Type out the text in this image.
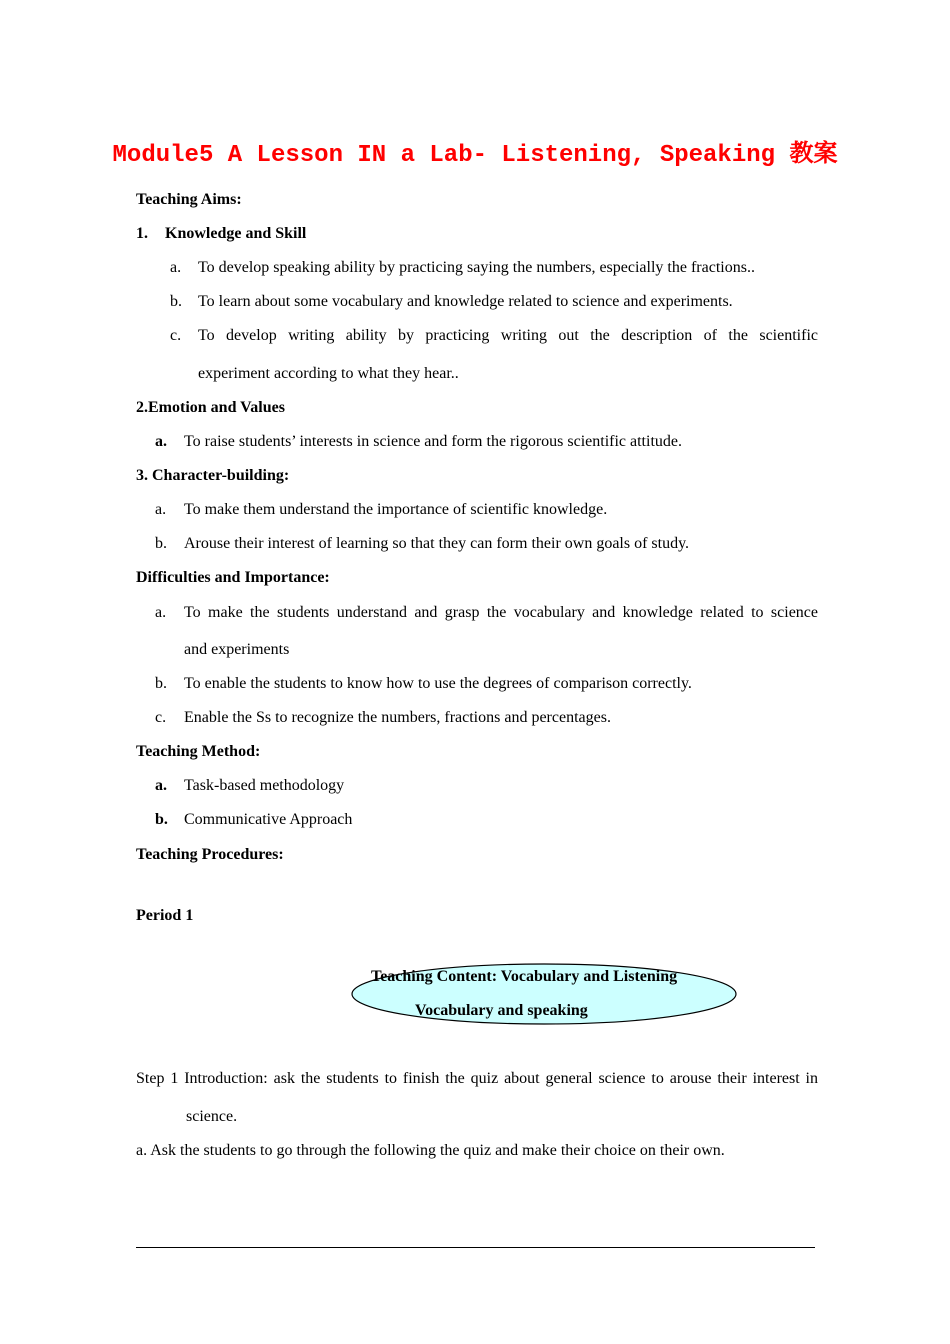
Module5 A Lesson IN a Lab- Listening, Speaking 教案
Teaching Aims:
1. Knowledge and Skill
a. To develop speaking ability by practicing saying the numbers, especially the fractions..
b. To learn about some vocabulary and knowledge related to science and experiments.
c. To develop writing ability by practicing writing out the description of the scientific
experiment according to what they hear..
2.Emotion and Values
a. To raise students’ interests in science and form the rigorous scientific attitude.
3. Character-building:
a. To make them understand the importance of scientific knowledge.
b. Arouse their interest of learning so that they can form their own goals of study.
Difficulties and Importance:
a. To make the students understand and grasp the vocabulary and knowledge related to science
and experiments
b. To enable the students to know how to use the degrees of comparison correctly.
c. Enable the Ss to recognize the numbers, fractions and percentages.
Teaching Method:
a. Task-based methodology
b. Communicative Approach
Teaching Procedures:
Period 1
Teaching Content: Vocabulary and Listening
Vocabulary and speaking
Step 1 Introduction: ask the students to finish the quiz about general science to arouse their interest in
science.
a. Ask the students to go through the following the quiz and make their choice on their own.
